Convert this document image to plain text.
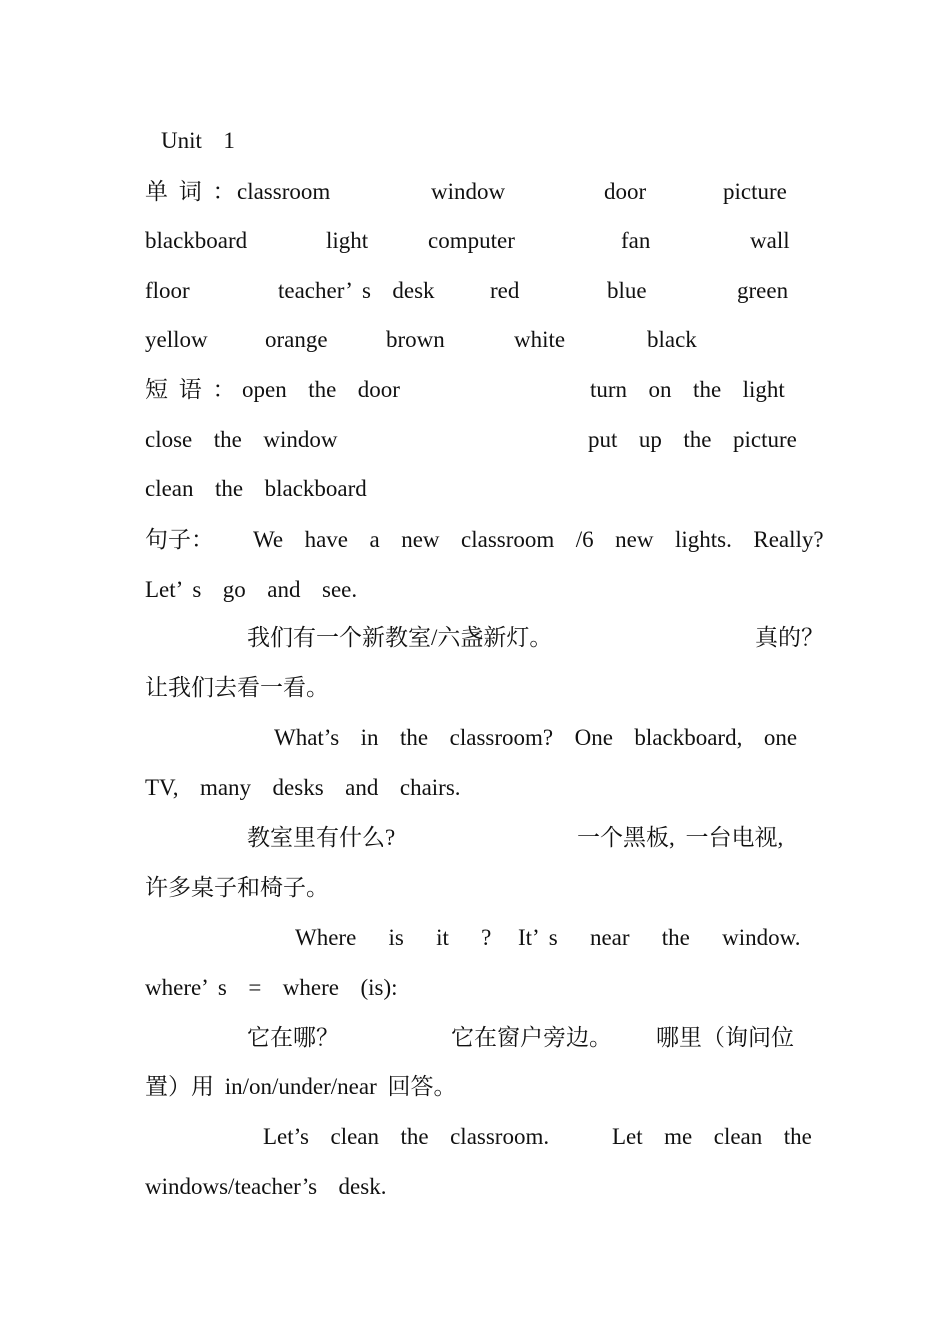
Unit  1
单 词 ： classroom	window	door	picture
blackboard	light	computer	fan	wall
floor	teacher’ s  desk red	blue	green
yellow orange	brown	white	black
短 语 ： open  the  door	turn  on  the  light
close  the  window	put  up  the  picture
clean  the  blackboard
句子： We  have  a  new  classroom  /6  new  lights.  Really?
Let’ s  go  and  see.
我们有一个新教室/六盏新灯。	真的？
让我们去看一看。
What’s  in  the  classroom?  One  blackboard,  one
TV,  many  desks  and  chairs.
教室里有什么?	一个黑板, 一台电视,
许多桌子和椅子。
Where   is   it   ? It’ s   near   the   window.
where’ s  =  where  (is):
它在哪？	它在窗户旁边。 哪里（询问位
置）用 in/on/under/near 回答。
Let’s  clean  the  classroom.	Let  me  clean  the
windows/teacher’s  desk.
